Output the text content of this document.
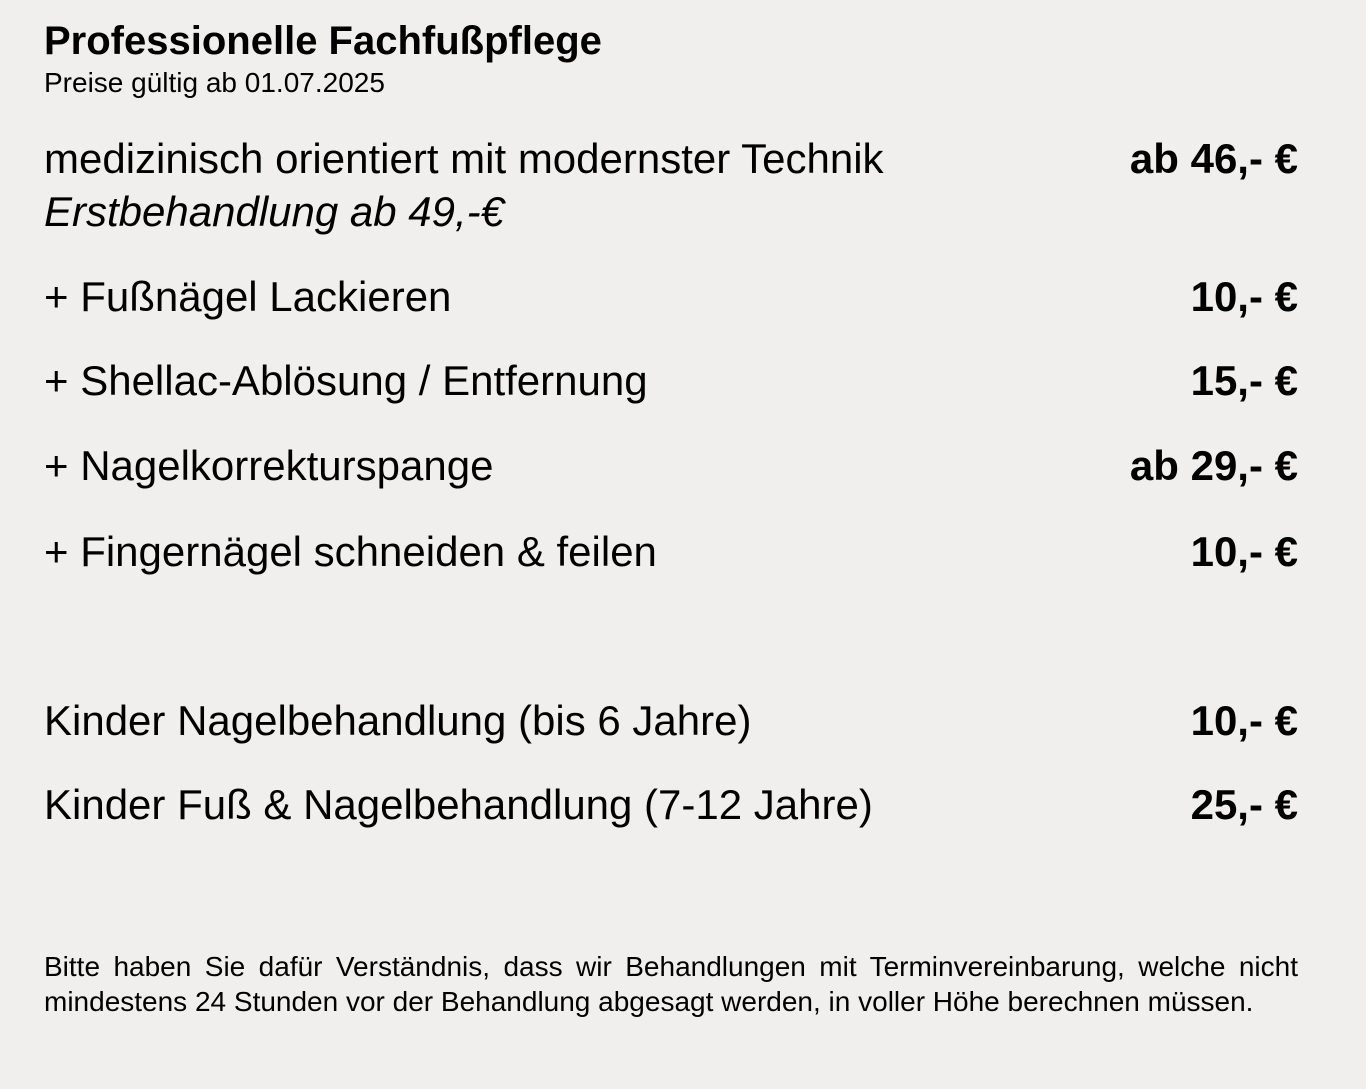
Professionelle Fachfußpflege
Preise gültig ab 01.07.2025
medizinisch orientiert mit modernster Technik	ab 46,- €
Erstbehandlung ab 49,-€
+ Fußnägel Lackieren	10,- €
+ Shellac-Ablösung / Entfernung	15,- €
+ Nagelkorrekturspange	ab 29,- €
+ Fingernägel schneiden & feilen	10,- €
Kinder Nagelbehandlung (bis 6 Jahre)	10,- €
Kinder Fuß & Nagelbehandlung (7-12 Jahre)	25,- €
Bitte haben Sie dafür Verständnis, dass wir Behandlungen mit Terminvereinbarung, welche nicht mindestens 24 Stunden vor der Behandlung abgesagt werden, in voller Höhe berechnen müssen.
